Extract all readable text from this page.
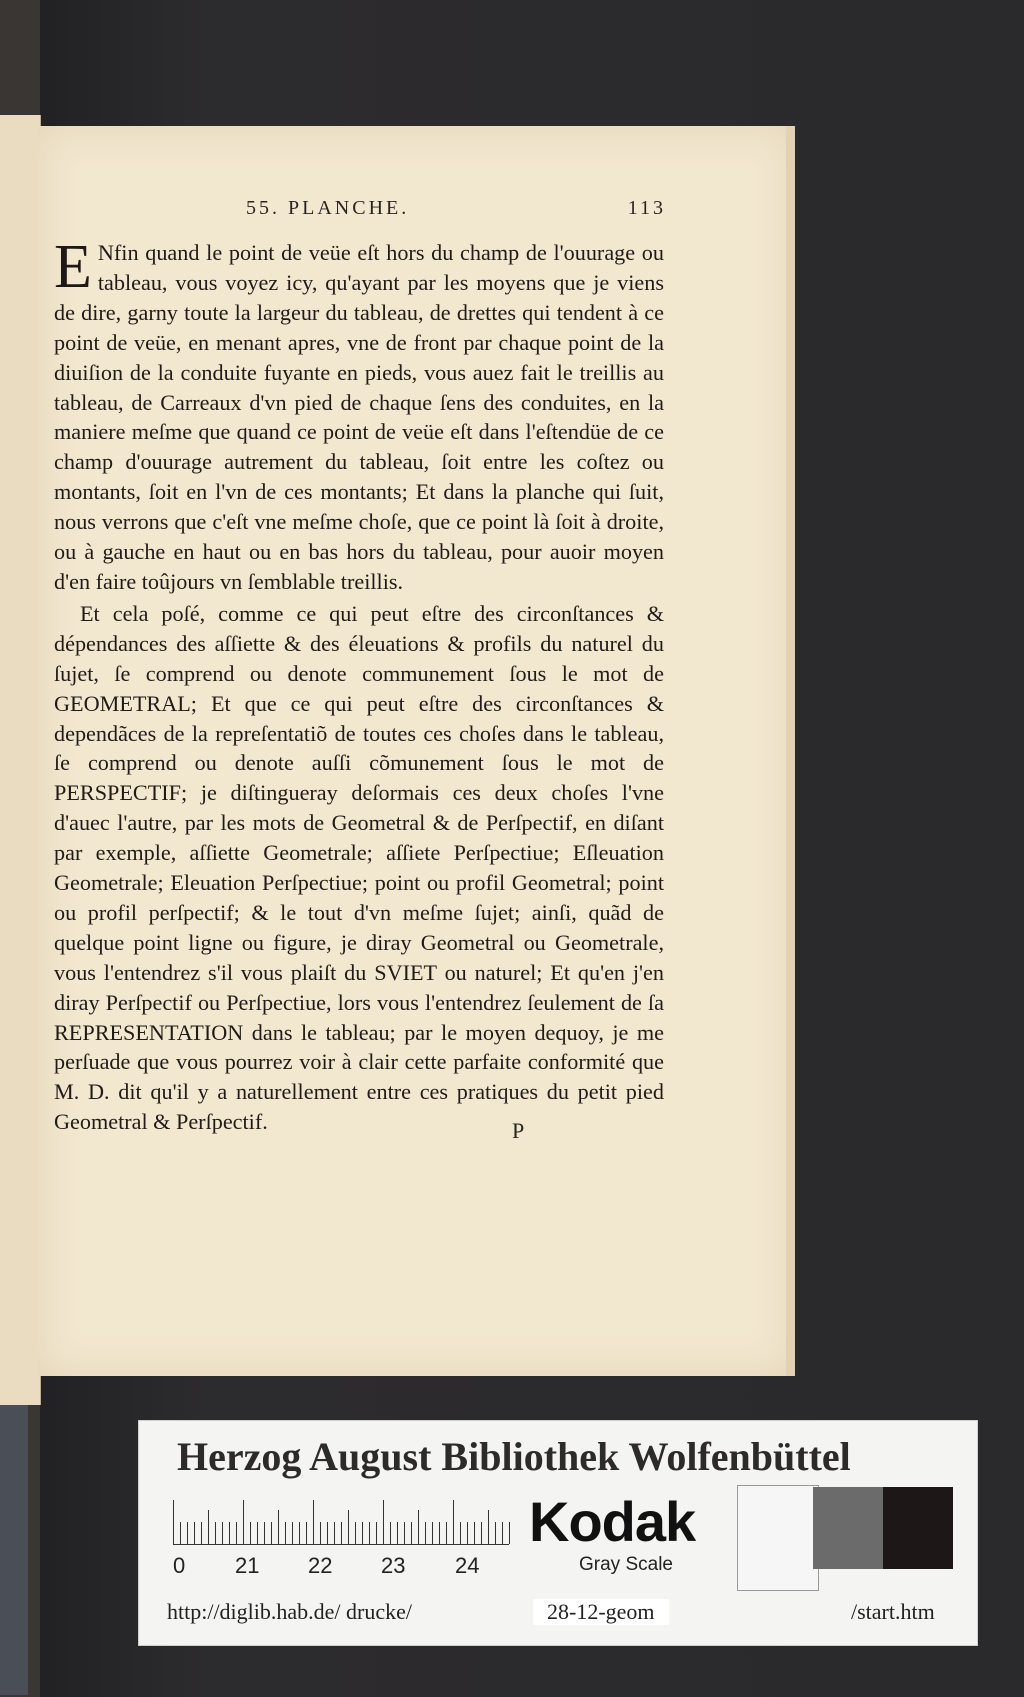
55. PLANCHE.	113

ENfin quand le point de veüe eſt hors du champ de l'ouurage ou tableau, vous voyez icy, qu'ayant par les moyens que je viens de dire, garny toute la largeur du tableau, de drettes qui tendent à ce point de veüe, en menant apres, vne de front par chaque point de la diuiſion de la conduite fuyante en pieds, vous auez fait le treillis au tableau, de Carreaux d'vn pied de chaque ſens des conduites, en la maniere meſme que quand ce point de veüe eſt dans l'eſtendüe de ce champ d'ouurage autrement du tableau, ſoit entre les coſtez ou montants, ſoit en l'vn de ces montants; Et dans la planche qui ſuit, nous verrons que c'eſt vne meſme choſe, que ce point là ſoit à droite, ou à gauche en haut ou en bas hors du tableau, pour auoir moyen d'en faire toûjours vn ſemblable treillis.

Et cela poſé, comme ce qui peut eſtre des circonſtances & dépendances des aſſiette & des éleuations & profils du naturel du ſujet, ſe comprend ou denote communement ſous le mot de GEOMETRAL; Et que ce qui peut eſtre des circonſtances & dependãces de la repreſentatiõ de toutes ces choſes dans le tableau, ſe comprend ou denote auſſi cõmunement ſous le mot de PERSPECTIF; je diſtingueray deſormais ces deux choſes l'vne d'auec l'autre, par les mots de Geometral & de Perſpectif, en diſant par exemple, aſſiette Geometrale; aſſiete Perſpectiue; Eſleuation Geometrale; Eleuation Perſpectiue; point ou profil Geometral; point ou profil perſpectif; & le tout d'vn meſme ſujet; ainſi, quãd de quelque point ligne ou figure, je diray Geometral ou Geometrale, vous l'entendrez s'il vous plaiſt du SVIET ou naturel; Et qu'en j'en diray Perſpectif ou Perſpectiue, lors vous l'entendrez ſeulement de ſa REPRESENTATION dans le tableau; par le moyen dequoy, je me perſuade que vous pourrez voir à clair cette parfaite conformité que M. D. dit qu'il y a naturellement entre ces pratiques du petit pied Geometral & Perſpectif.	P
Herzog August Bibliothek Wolfenbüttel
0 21 22 23 24
Kodak
Gray Scale
http://diglib.hab.de/ drucke/	28-12-geom	/start.htm
